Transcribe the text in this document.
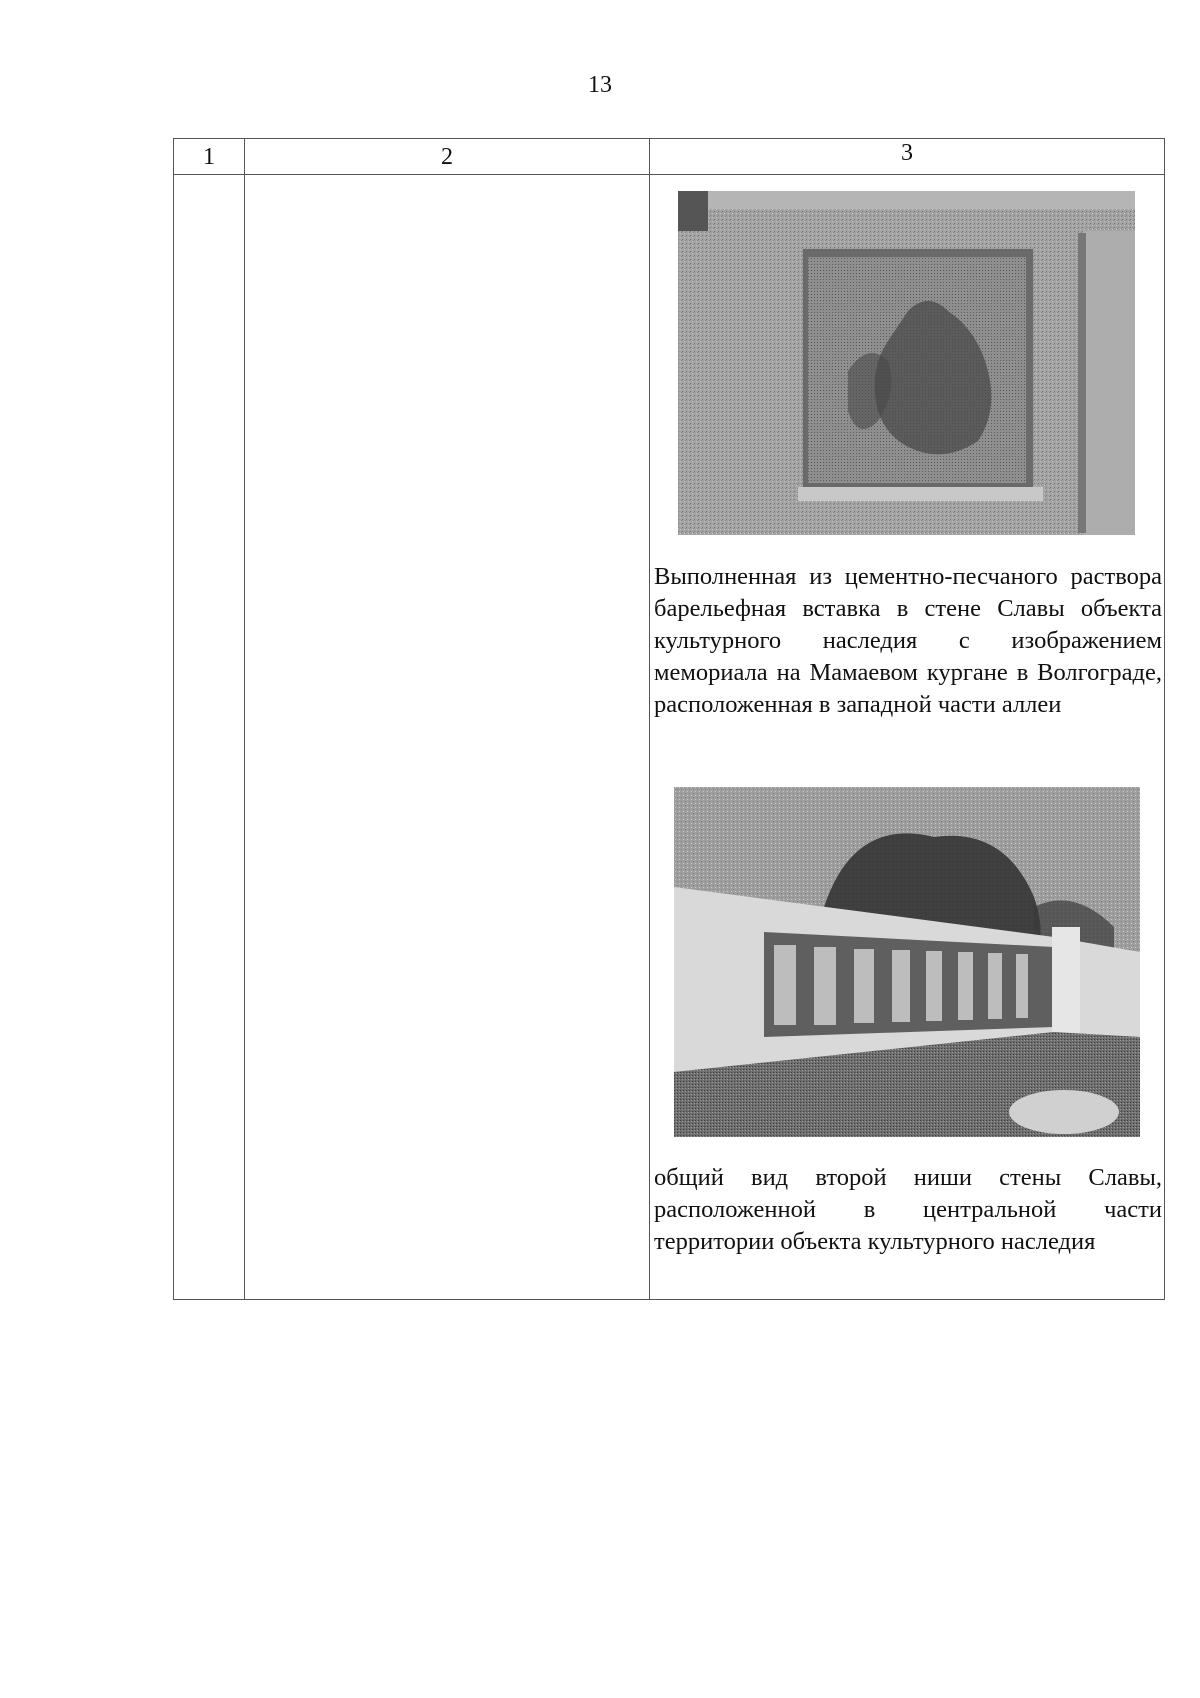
13
1	2	3
Выполненная из цементно-песчаного раствора барельефная вставка в стене Славы объекта культурного наследия с изображением мемориала на Мамаевом кургане в Волгограде, расположенная в западной части аллеи
общий вид второй ниши стены Славы, расположенной в центральной части территории объекта культурного наследия
